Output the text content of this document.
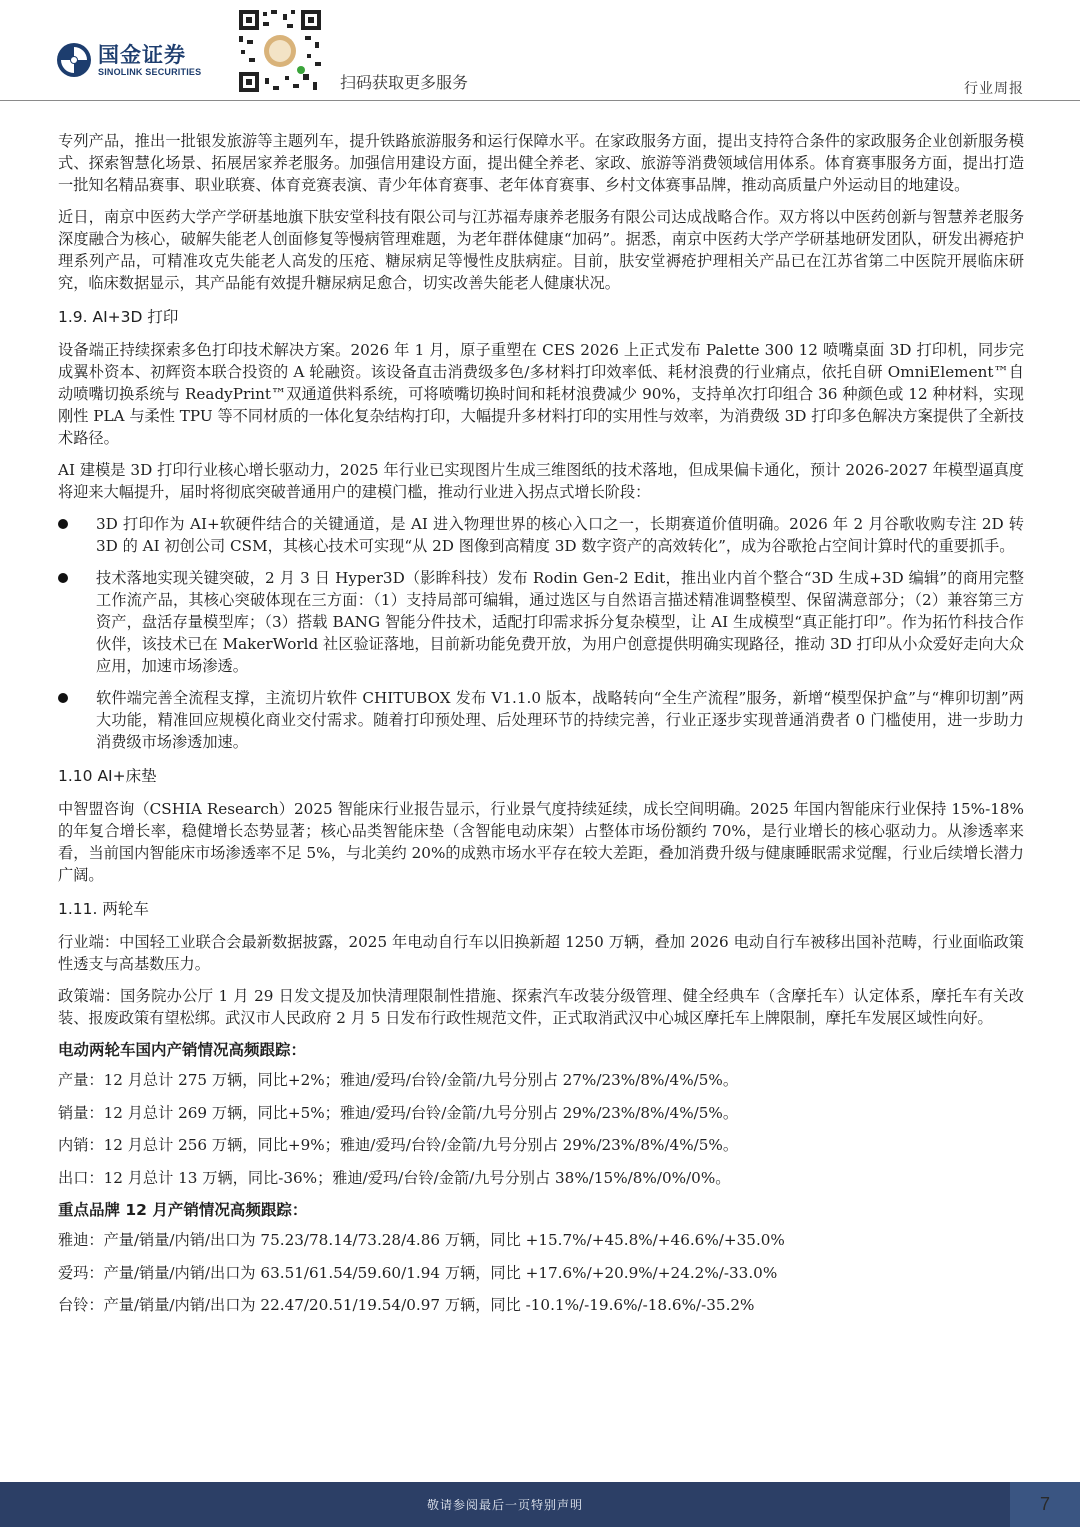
国金证券
SINOLINK SECURITIES
扫码获取更多服务	行业周报

专列产品，推出一批银发旅游等主题列车，提升铁路旅游服务和运行保障水平。在家政服务方面，提出支持符合条件的家政服务企业创新服务模式、探索智慧化场景、拓展居家养老服务。加强信用建设方面，提出健全养老、家政、旅游等消费领域信用体系。体育赛事服务方面，提出打造一批知名精品赛事、职业联赛、体育竞赛表演、青少年体育赛事、老年体育赛事、乡村文体赛事品牌，推动高质量户外运动目的地建设。

近日，南京中医药大学产学研基地旗下肤安堂科技有限公司与江苏福寿康养老服务有限公司达成战略合作。双方将以中医药创新与智慧养老服务深度融合为核心，破解失能老人创面修复等慢病管理难题，为老年群体健康“加码”。据悉，南京中医药大学产学研基地研发团队，研发出褥疮护理系列产品，可精准攻克失能老人高发的压疮、糖尿病足等慢性皮肤病症。目前，肤安堂褥疮护理相关产品已在江苏省第二中医院开展临床研究，临床数据显示，其产品能有效提升糖尿病足愈合，切实改善失能老人健康状况。

1.9. AI+3D 打印

设备端正持续探索多色打印技术解决方案。2026 年 1 月，原子重塑在 CES 2026 上正式发布 Palette 300 12 喷嘴桌面 3D 打印机，同步完成翼朴资本、初辉资本联合投资的 A 轮融资。该设备直击消费级多色/多材料打印效率低、耗材浪费的行业痛点，依托自研 OmniElement™自动喷嘴切换系统与 ReadyPrint™双通道供料系统，可将喷嘴切换时间和耗材浪费减少 90%，支持单次打印组合 36 种颜色或 12 种材料，实现刚性 PLA 与柔性 TPU 等不同材质的一体化复杂结构打印，大幅提升多材料打印的实用性与效率，为消费级 3D 打印多色解决方案提供了全新技术路径。

AI 建模是 3D 打印行业核心增长驱动力，2025 年行业已实现图片生成三维图纸的技术落地，但成果偏卡通化，预计 2026-2027 年模型逼真度将迎来大幅提升，届时将彻底突破普通用户的建模门槛，推动行业进入拐点式增长阶段：

3D 打印作为 AI+软硬件结合的关键通道，是 AI 进入物理世界的核心入口之一，长期赛道价值明确。2026 年 2 月谷歌收购专注 2D 转 3D 的 AI 初创公司 CSM，其核心技术可实现“从 2D 图像到高精度 3D 数字资产的高效转化”，成为谷歌抢占空间计算时代的重要抓手。
技术落地实现关键突破，2 月 3 日 Hyper3D（影眸科技）发布 Rodin Gen-2 Edit，推出业内首个整合“3D 生成+3D 编辑”的商用完整工作流产品，其核心突破体现在三方面：（1）支持局部可编辑，通过选区与自然语言描述精准调整模型、保留满意部分；（2）兼容第三方资产，盘活存量模型库；（3）搭载 BANG 智能分件技术，适配打印需求拆分复杂模型，让 AI 生成模型“真正能打印”。作为拓竹科技合作伙伴，该技术已在 MakerWorld 社区验证落地，目前新功能免费开放，为用户创意提供明确实现路径，推动 3D 打印从小众爱好走向大众应用，加速市场渗透。
软件端完善全流程支撑，主流切片软件 CHITUBOX 发布 V1.1.0 版本，战略转向“全生产流程”服务，新增“模型保护盒”与“榫卯切割”两大功能，精准回应规模化商业交付需求。随着打印预处理、后处理环节的持续完善，行业正逐步实现普通消费者 0 门槛使用，进一步助力消费级市场渗透加速。
1.10 AI+床垫

中智盟咨询（CSHIA Research）2025 智能床行业报告显示，行业景气度持续延续，成长空间明确。2025 年国内智能床行业保持 15%-18%的年复合增长率，稳健增长态势显著；核心品类智能床垫（含智能电动床架）占整体市场份额约 70%，是行业增长的核心驱动力。从渗透率来看，当前国内智能床市场渗透率不足 5%，与北美约 20%的成熟市场水平存在较大差距，叠加消费升级与健康睡眠需求觉醒，行业后续增长潜力广阔。

1.11. 两轮车

行业端：中国轻工业联合会最新数据披露，2025 年电动自行车以旧换新超 1250 万辆，叠加 2026 电动自行车被移出国补范畴，行业面临政策性透支与高基数压力。

政策端：国务院办公厅 1 月 29 日发文提及加快清理限制性措施、探索汽车改装分级管理、健全经典车（含摩托车）认定体系，摩托车有关改装、报废政策有望松绑。武汉市人民政府 2 月 5 日发布行政性规范文件，正式取消武汉中心城区摩托车上牌限制，摩托车发展区域性向好。

电动两轮车国内产销情况高频跟踪：
产量：12 月总计 275 万辆，同比+2%；雅迪/爱玛/台铃/金箭/九号分别占 27%/23%/8%/4%/5%。
销量：12 月总计 269 万辆，同比+5%；雅迪/爱玛/台铃/金箭/九号分别占 29%/23%/8%/4%/5%。
内销：12 月总计 256 万辆，同比+9%；雅迪/爱玛/台铃/金箭/九号分别占 29%/23%/8%/4%/5%。
出口：12 月总计 13 万辆，同比-36%；雅迪/爱玛/台铃/金箭/九号分别占 38%/15%/8%/0%/0%。
重点品牌 12 月产销情况高频跟踪：
雅迪：产量/销量/内销/出口为 75.23/78.14/73.28/4.86 万辆，同比 +15.7%/+45.8%/+46.6%/+35.0%
爱玛：产量/销量/内销/出口为 63.51/61.54/59.60/1.94 万辆，同比 +17.6%/+20.9%/+24.2%/-33.0%
台铃：产量/销量/内销/出口为 22.47/20.51/19.54/0.97 万辆，同比 -10.1%/-19.6%/-18.6%/-35.2%
敬请参阅最后一页特别声明	7
